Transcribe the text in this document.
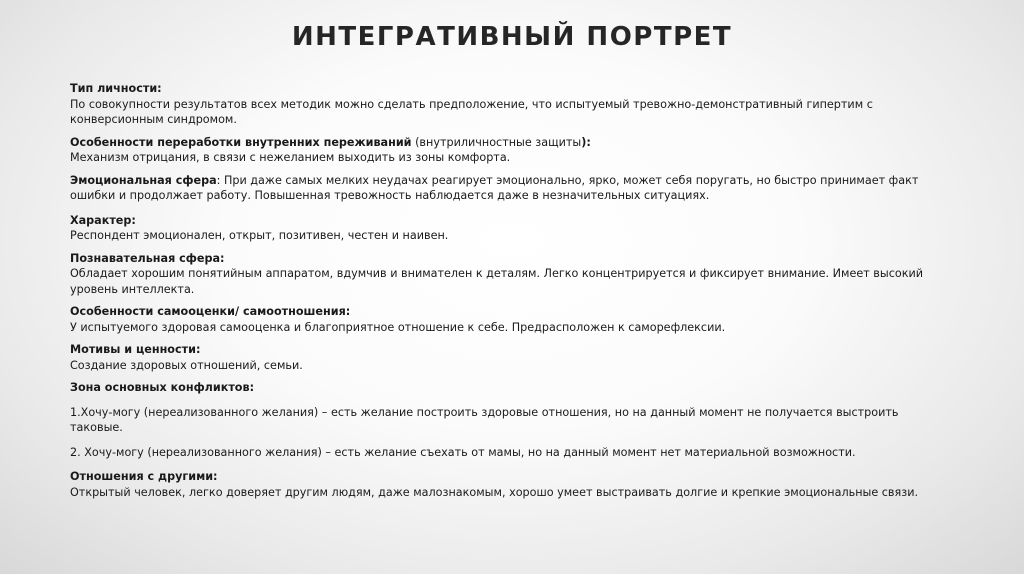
ИНТЕГРАТИВНЫЙ ПОРТРЕТ
Тип личности:
По совокупности результатов всех методик можно сделать предположение, что испытуемый тревожно-демонстративный гипертим с
конверсионным синдромом.
Особенности переработки внутренних переживаний (внутриличностные защиты):
Механизм отрицания, в связи с нежеланием выходить из зоны комфорта.
Эмоциональная сфера: При даже самых мелких неудачах реагирует эмоционально, ярко, может себя поругать, но быстро принимает факт
ошибки и продолжает работу. Повышенная тревожность наблюдается даже в незначительных ситуациях.
Характер:
Респондент эмоционален, открыт, позитивен, честен и наивен.
Познавательная сфера:
Обладает хорошим понятийным аппаратом, вдумчив и внимателен к деталям. Легко концентрируется и фиксирует внимание. Имеет высокий
уровень интеллекта.
Особенности самооценки/ самоотношения:
У испытуемого здоровая самооценка и благоприятное отношение к себе. Предрасположен к саморефлексии.
Мотивы и ценности:
Создание здоровых отношений, семьи.
Зона основных конфликтов:
1.Хочу-могу (нереализованного желания) – есть желание построить здоровые отношения, но на данный момент не получается выстроить
таковые.
2. Хочу-могу (нереализованного желания) – есть желание съехать от мамы, но на данный момент нет материальной возможности.
Отношения с другими:
Открытый человек, легко доверяет другим людям, даже малознакомым, хорошо умеет выстраивать долгие и крепкие эмоциональные связи.
